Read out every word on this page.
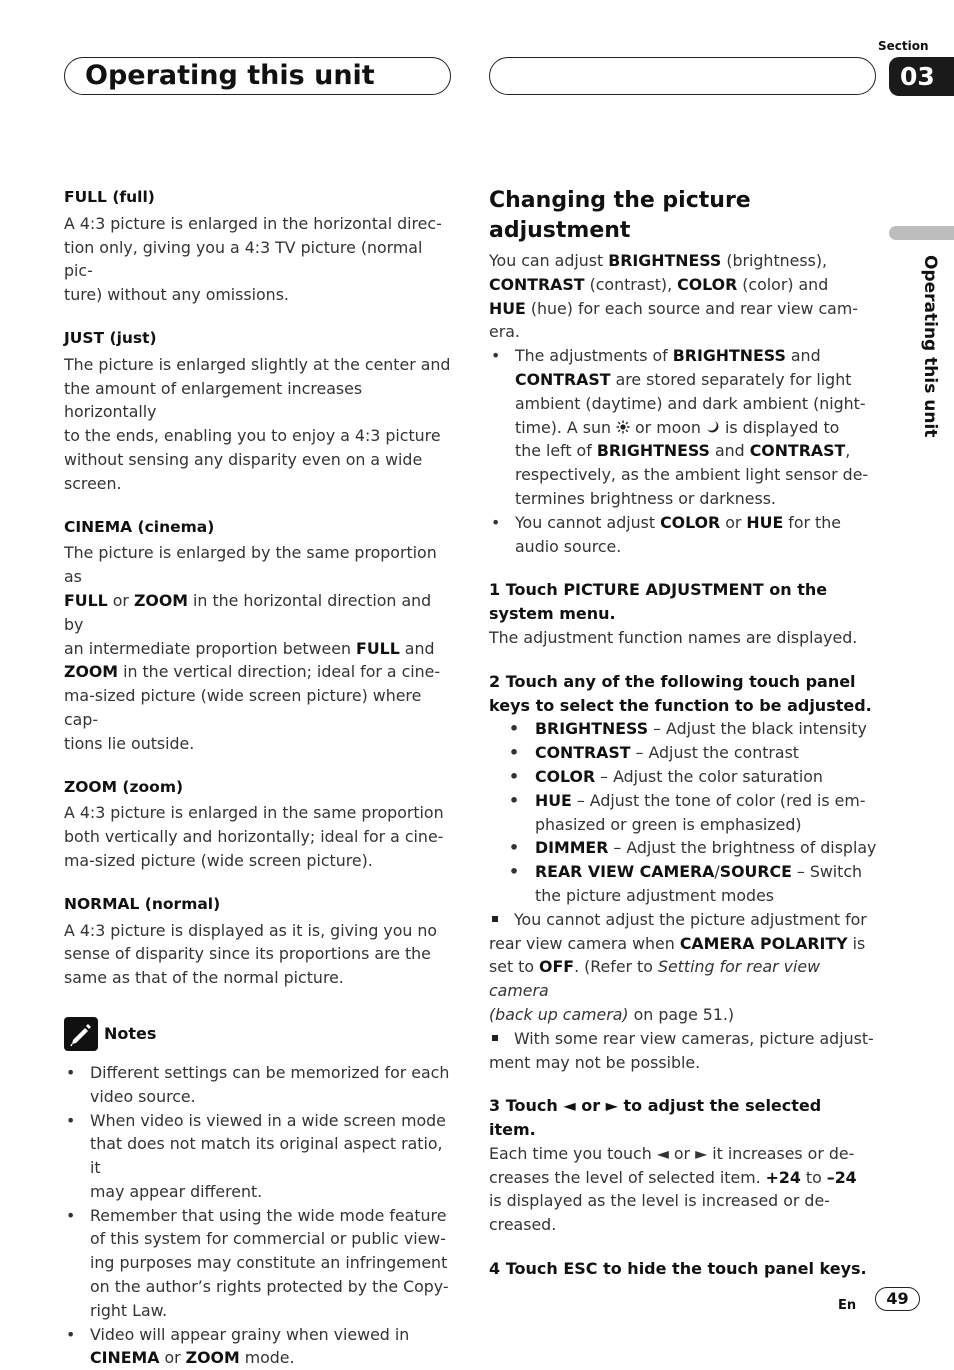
Operating this unit
Section
03
Operating this unit

FULL (full)

A 4:3 picture is enlarged in the horizontal direc-
tion only, giving you a 4:3 TV picture (normal pic-
ture) without any omissions.

JUST (just)

The picture is enlarged slightly at the center and
the amount of enlargement increases horizontally
to the ends, enabling you to enjoy a 4:3 picture
without sensing any disparity even on a wide
screen.

CINEMA (cinema)

The picture is enlarged by the same proportion as
FULL or ZOOM in the horizontal direction and by
an intermediate proportion between FULL and
ZOOM in the vertical direction; ideal for a cine-
ma-sized picture (wide screen picture) where cap-
tions lie outside.

ZOOM (zoom)

A 4:3 picture is enlarged in the same proportion
both vertically and horizontally; ideal for a cine-
ma-sized picture (wide screen picture).

NORMAL (normal)

A 4:3 picture is displayed as it is, giving you no
sense of disparity since its proportions are the
same as that of the normal picture.

Notes

• Different settings can be memorized for each
video source.

• When video is viewed in a wide screen mode
that does not match its original aspect ratio, it
may appear different.

• Remember that using the wide mode feature
of this system for commercial or public view-
ing purposes may constitute an infringement
on the author’s rights protected by the Copy-
right Law.

• Video will appear grainy when viewed in
CINEMA or ZOOM mode.

Changing the picture adjustment

You can adjust BRIGHTNESS (brightness),
CONTRAST (contrast), COLOR (color) and
HUE (hue) for each source and rear view cam-
era.

• The adjustments of BRIGHTNESS and
CONTRAST are stored separately for light
ambient (daytime) and dark ambient (night-
time). A sun  or moon  is displayed to
the left of BRIGHTNESS and CONTRAST,
respectively, as the ambient light sensor de-
termines brightness or darkness.

• You cannot adjust COLOR or HUE for the
audio source.

1 Touch PICTURE ADJUSTMENT on the
system menu.

The adjustment function names are displayed.

2 Touch any of the following touch panel
keys to select the function to be adjusted.

• BRIGHTNESS – Adjust the black intensity

• CONTRAST – Adjust the contrast

• COLOR – Adjust the color saturation

• HUE – Adjust the tone of color (red is em-
phasized or green is emphasized)

• DIMMER – Adjust the brightness of display

• REAR VIEW CAMERA/SOURCE – Switch
the picture adjustment modes

You cannot adjust the picture adjustment for
rear view camera when CAMERA POLARITY is
set to OFF. (Refer to Setting for rear view camera
(back up camera) on page 51.)

With some rear view cameras, picture adjust-
ment may not be possible.

3 Touch ◄ or ► to adjust the selected
item.

Each time you touch ◄ or ► it increases or de-
creases the level of selected item. +24 to –24
is displayed as the level is increased or de-
creased.

4 Touch ESC to hide the touch panel keys.

En	49
